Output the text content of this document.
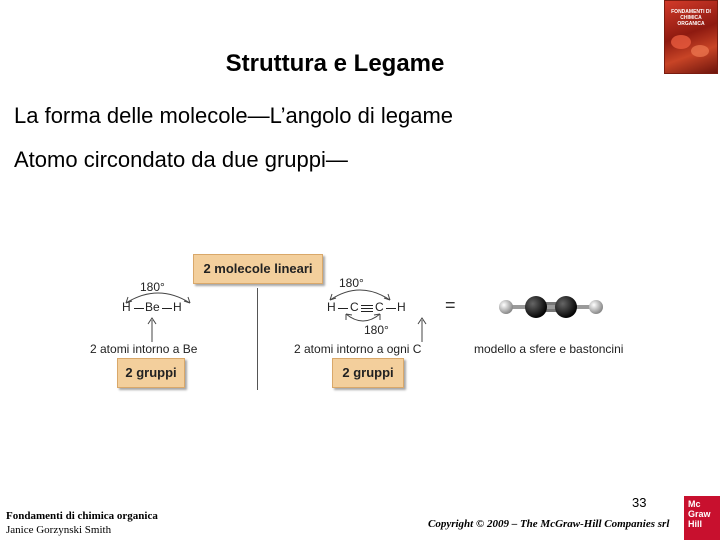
Struttura e Legame
La forma delle molecole—L’angolo di legame
Atomo circondato da due gruppi—
FONDAMENTI DI CHIMICA ORGANICA
2 molecole lineari
180°
H Be H
2 atomi intorno a Be
2 gruppi
180°
H C C H
180°
2 atomi intorno a ogni C
2 gruppi
=
modello a sfere e bastoncini
Fondamenti di chimica organica
Janice Gorzynski Smith	Copyright © 2009 – The McGraw-Hill Companies srl
33	Mc Graw Hill
